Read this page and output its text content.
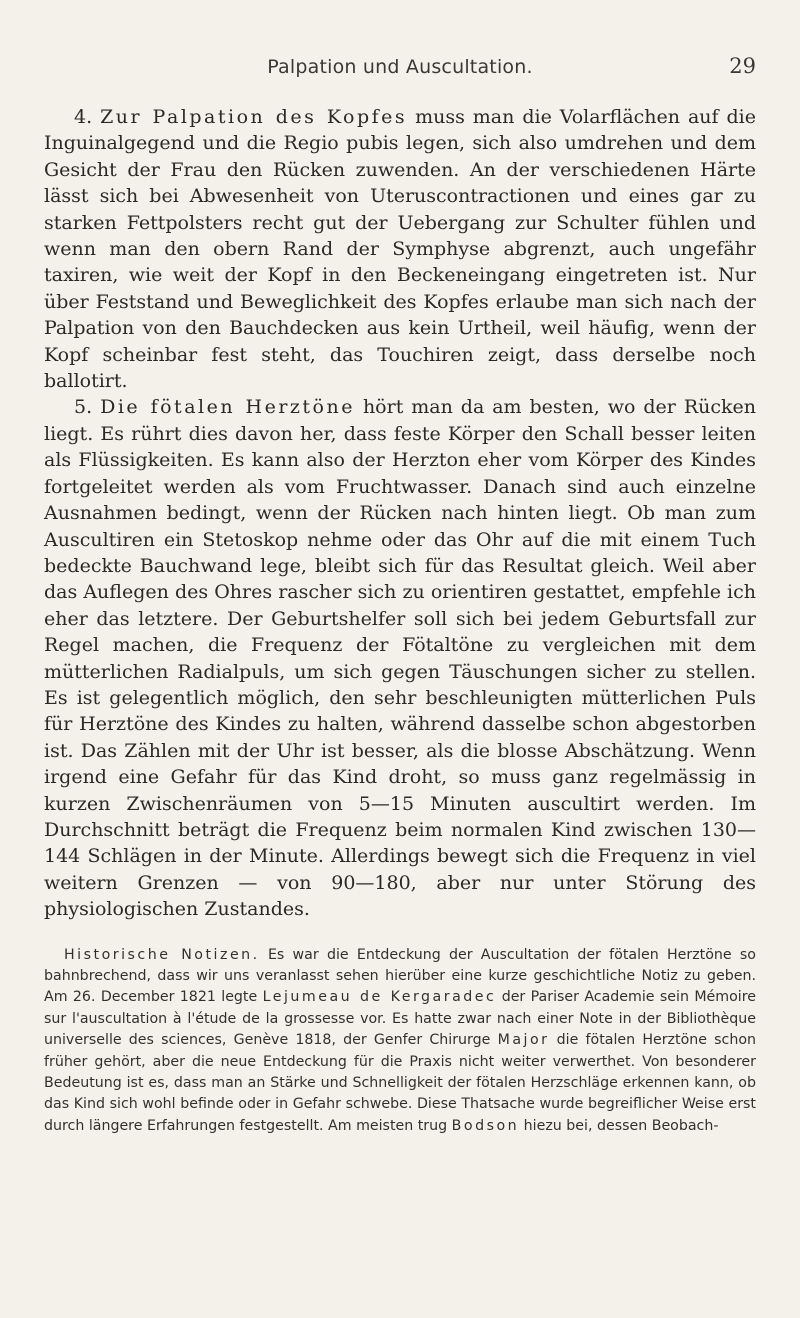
Palpation und Auscultation.	29

4. Zur Palpation des Kopfes muss man die Volarflächen auf die Inguinalgegend und die Regio pubis legen, sich also umdrehen und dem Gesicht der Frau den Rücken zuwenden. An der verschiedenen Härte lässt sich bei Abwesenheit von Uteruscontractionen und eines gar zu starken Fettpolsters recht gut der Uebergang zur Schulter fühlen und wenn man den obern Rand der Symphyse abgrenzt, auch ungefähr taxiren, wie weit der Kopf in den Beckeneingang eingetreten ist. Nur über Feststand und Beweglichkeit des Kopfes erlaube man sich nach der Palpation von den Bauchdecken aus kein Urtheil, weil häufig, wenn der Kopf scheinbar fest steht, das Touchiren zeigt, dass derselbe noch ballotirt.

5. Die fötalen Herztöne hört man da am besten, wo der Rücken liegt. Es rührt dies davon her, dass feste Körper den Schall besser leiten als Flüssigkeiten. Es kann also der Herzton eher vom Körper des Kindes fortgeleitet werden als vom Fruchtwasser. Danach sind auch einzelne Ausnahmen bedingt, wenn der Rücken nach hinten liegt. Ob man zum Auscultiren ein Stetoskop nehme oder das Ohr auf die mit einem Tuch bedeckte Bauchwand lege, bleibt sich für das Resultat gleich. Weil aber das Auflegen des Ohres rascher sich zu orientiren gestattet, empfehle ich eher das letztere. Der Geburtshelfer soll sich bei jedem Geburtsfall zur Regel machen, die Frequenz der Fötaltöne zu vergleichen mit dem mütterlichen Radialpuls, um sich gegen Täuschungen sicher zu stellen. Es ist gelegentlich möglich, den sehr beschleunigten mütterlichen Puls für Herztöne des Kindes zu halten, während dasselbe schon abgestorben ist. Das Zählen mit der Uhr ist besser, als die blosse Abschätzung. Wenn irgend eine Gefahr für das Kind droht, so muss ganz regelmässig in kurzen Zwischenräumen von 5—15 Minuten auscultirt werden. Im Durchschnitt beträgt die Frequenz beim normalen Kind zwischen 130—144 Schlägen in der Minute. Allerdings bewegt sich die Frequenz in viel weitern Grenzen — von 90—180, aber nur unter Störung des physiologischen Zustandes.

Historische Notizen. Es war die Entdeckung der Auscultation der fötalen Herztöne so bahnbrechend, dass wir uns veranlasst sehen hierüber eine kurze geschichtliche Notiz zu geben. Am 26. December 1821 legte Lejumeau de Kergaradec der Pariser Academie sein Mémoire sur l'auscultation à l'étude de la grossesse vor. Es hatte zwar nach einer Note in der Bibliothèque universelle des sciences, Genève 1818, der Genfer Chirurge Major die fötalen Herztöne schon früher gehört, aber die neue Entdeckung für die Praxis nicht weiter verwerthet. Von besonderer Bedeutung ist es, dass man an Stärke und Schnelligkeit der fötalen Herzschläge erkennen kann, ob das Kind sich wohl befinde oder in Gefahr schwebe. Diese Thatsache wurde begreiflicher Weise erst durch längere Erfahrungen festgestellt. Am meisten trug Bodson hiezu bei, dessen Beobach-
